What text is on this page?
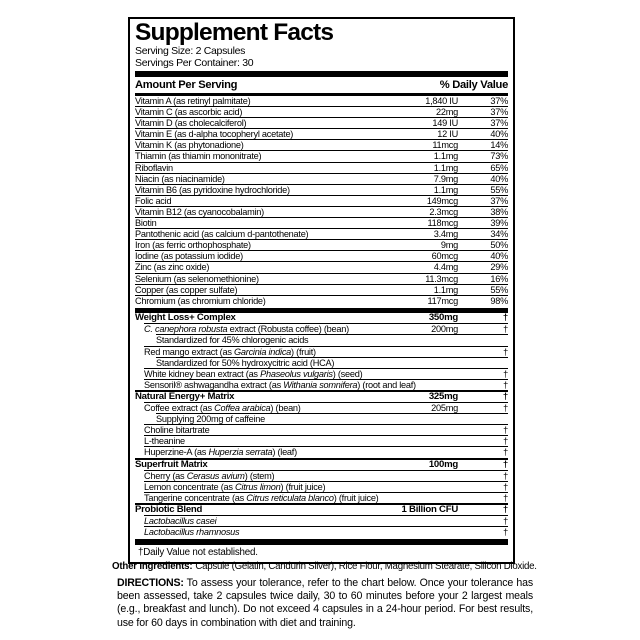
Supplement Facts
Serving Size: 2 Capsules
Servings Per Container: 30
Amount Per Serving	% Daily Value
Vitamin A (as retinyl palmitate)	1,840 IU	37%
Vitamin C (as ascorbic acid)	22mg	37%
Vitamin D (as cholecalciferol)	149 IU	37%
Vitamin E (as d-alpha tocopheryl acetate)	12 IU	40%
Vitamin K (as phytonadione)	11mcg	14%
Thiamin (as thiamin mononitrate)	1.1mg	73%
Riboflavin	1.1mg	65%
Niacin (as niacinamide)	7.9mg	40%
Vitamin B6 (as pyridoxine hydrochloride)	1.1mg	55%
Folic acid	149mcg	37%
Vitamin B12 (as cyanocobalamin)	2.3mcg	38%
Biotin	118mcg	39%
Pantothenic acid (as calcium d-pantothenate)	3.4mg	34%
Iron (as ferric orthophosphate)	9mg	50%
Iodine (as potassium iodide)	60mcg	40%
Zinc (as zinc oxide)	4.4mg	29%
Selenium (as selenomethionine)	11.3mcg	16%
Copper (as copper sulfate)	1.1mg	55%
Chromium (as chromium chloride)	117mcg	98%
Weight Loss+ Complex	350mg	†
C. canephora robusta extract (Robusta coffee) (bean)	200mg	†
Standardized for 45% chlorogenic acids
Red mango extract (as Garcinia indica) (fruit)	†
Standardized for 50% hydroxycitric acid (HCA)
White kidney bean extract (as Phaseolus vulgaris) (seed)	†
Sensoril® ashwagandha extract (as Withania somnifera) (root and leaf)	†
Natural Energy+ Matrix	325mg	†
Coffee extract (as Coffea arabica) (bean)	205mg	†
Supplying 200mg of caffeine
Choline bitartrate	†
L-theanine	†
Huperzine-A (as Huperzia serrata) (leaf)	†
Superfruit Matrix	100mg	†
Cherry (as Cerasus avium) (stem)	†
Lemon concentrate (as Citrus limon) (fruit juice)	†
Tangerine concentrate (as Citrus reticulata blanco) (fruit juice)	†
Probiotic Blend	1 Billion CFU	†
Lactobacillus casei	†
Lactobacillus rhamnosus	†
†Daily Value not established.
Other Ingredients: Capsule (Gelatin, Candurin Silver), Rice Flour, Magnesium Stearate, Silicon Dioxide.
DIRECTIONS: To assess your tolerance, refer to the chart below. Once your tolerance has been assessed, take 2 capsules twice daily, 30 to 60 minutes before your 2 largest meals (e.g., breakfast and lunch). Do not exceed 4 capsules in a 24-hour period. For best results, use for 60 days in combination with diet and training.
